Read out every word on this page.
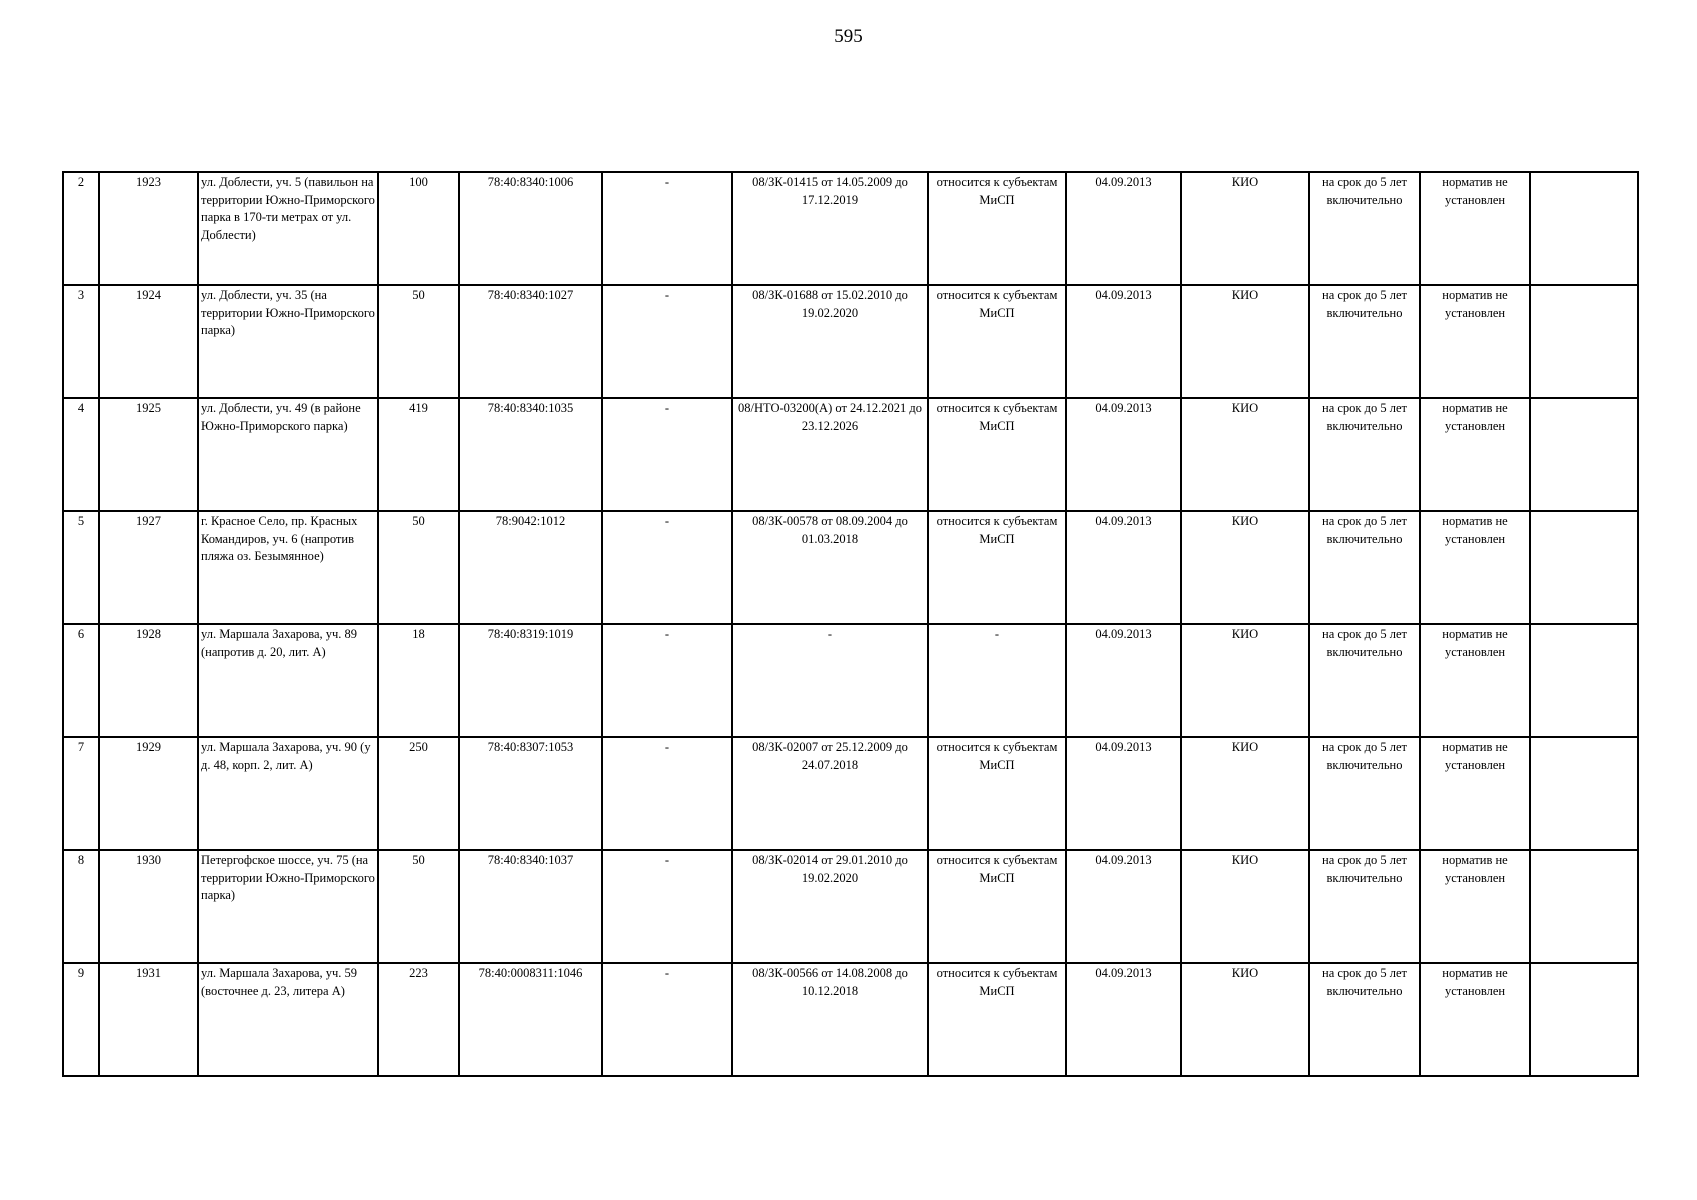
595
2	1923	ул. Доблести, уч. 5 (павильон на территории Южно-Приморского парка в 170-ти метрах от ул. Доблести)	100	78:40:8340:1006	-	08/ЗК-01415 от 14.05.2009 до 17.12.2019	относится к субъектам МиСП	04.09.2013	КИО	на срок до 5 лет включительно	норматив не установлен	
3	1924	ул. Доблести, уч. 35 (на территории Южно-Приморского парка)	50	78:40:8340:1027	-	08/ЗК-01688 от 15.02.2010 до 19.02.2020	относится к субъектам МиСП	04.09.2013	КИО	на срок до 5 лет включительно	норматив не установлен	
4	1925	ул. Доблести, уч. 49 (в районе Южно-Приморского парка)	419	78:40:8340:1035	-	08/НТО-03200(А) от 24.12.2021 до 23.12.2026	относится к субъектам МиСП	04.09.2013	КИО	на срок до 5 лет включительно	норматив не установлен	
5	1927	г. Красное Село, пр. Красных Командиров, уч. 6 (напротив пляжа оз. Безымянное)	50	78:9042:1012	-	08/ЗК-00578 от 08.09.2004 до 01.03.2018	относится к субъектам МиСП	04.09.2013	КИО	на срок до 5 лет включительно	норматив не установлен	
6	1928	ул. Маршала Захарова, уч. 89 (напротив д. 20, лит. А)	18	78:40:8319:1019	-	-	-	04.09.2013	КИО	на срок до 5 лет включительно	норматив не установлен	
7	1929	ул. Маршала Захарова, уч. 90 (у д. 48, корп. 2, лит. А)	250	78:40:8307:1053	-	08/ЗК-02007 от 25.12.2009 до 24.07.2018	относится к субъектам МиСП	04.09.2013	КИО	на срок до 5 лет включительно	норматив не установлен	
8	1930	Петергофское шоссе, уч. 75 (на территории Южно-Приморского парка)	50	78:40:8340:1037	-	08/ЗК-02014 от 29.01.2010 до 19.02.2020	относится к субъектам МиСП	04.09.2013	КИО	на срок до 5 лет включительно	норматив не установлен	
9	1931	ул. Маршала Захарова, уч. 59 (восточнее д. 23, литера А)	223	78:40:0008311:1046	-	08/ЗК-00566 от 14.08.2008 до 10.12.2018	относится к субъектам МиСП	04.09.2013	КИО	на срок до 5 лет включительно	норматив не установлен	
